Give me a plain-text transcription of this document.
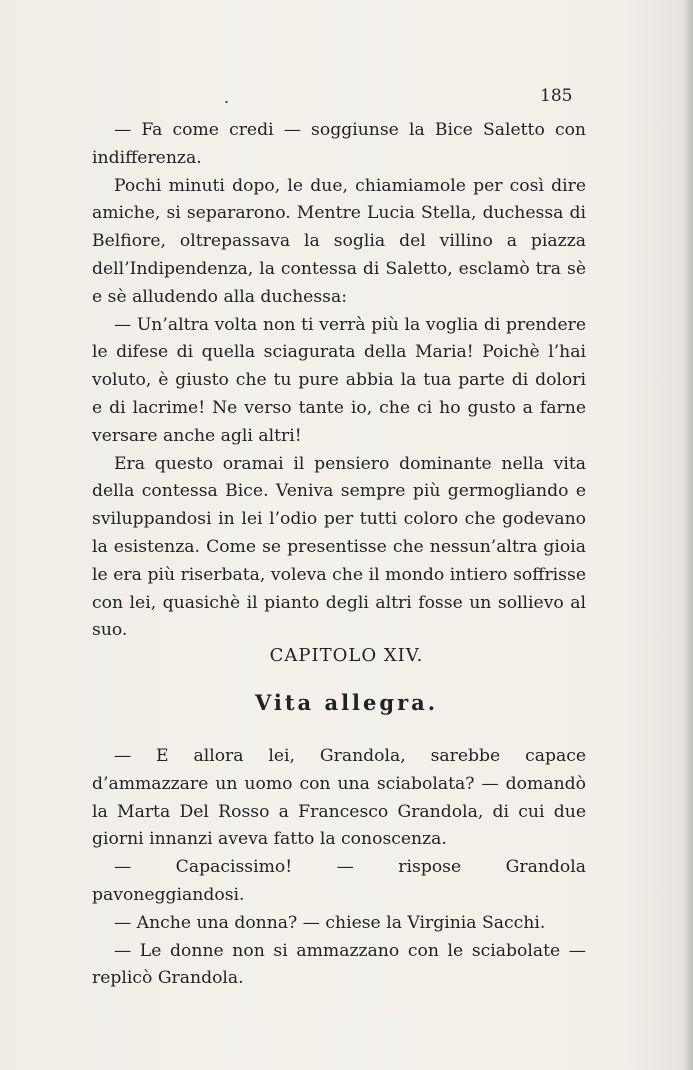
.	185

— Fa come credi — soggiunse la Bice Saletto con indifferenza.

Pochi minuti dopo, le due, chiamiamole per così dire amiche, si separarono. Mentre Lucia Stella, duchessa di Belfiore, oltrepassava la soglia del villino a piazza dell’Indipendenza, la contessa di Saletto, esclamò tra sè e sè alludendo alla duchessa:

— Un’altra volta non ti verrà più la voglia di prendere le difese di quella sciagurata della Maria! Poichè l’hai voluto, è giusto che tu pure abbia la tua parte di dolori e di lacrime! Ne verso tante io, che ci ho gusto a farne versare anche agli altri!

Era questo oramai il pensiero dominante nella vita della contessa Bice. Veniva sempre più germogliando e sviluppandosi in lei l’odio per tutti coloro che godevano la esistenza. Come se presentisse che nessun’altra gioia le era più riserbata, voleva che il mondo intiero soffrisse con lei, quasichè il pianto degli altri fosse un sollievo al suo.

CAPITOLO XIV.
Vita allegra.

— E allora lei, Grandola, sarebbe capace d’ammazzare un uomo con una sciabolata? — domandò la Marta Del Rosso a Francesco Grandola, di cui due giorni innanzi aveva fatto la conoscenza.

— Capacissimo! — rispose Grandola pavoneggiandosi.

— Anche una donna? — chiese la Virginia Sacchi.

— Le donne non si ammazzano con le sciabolate — replicò Grandola.
